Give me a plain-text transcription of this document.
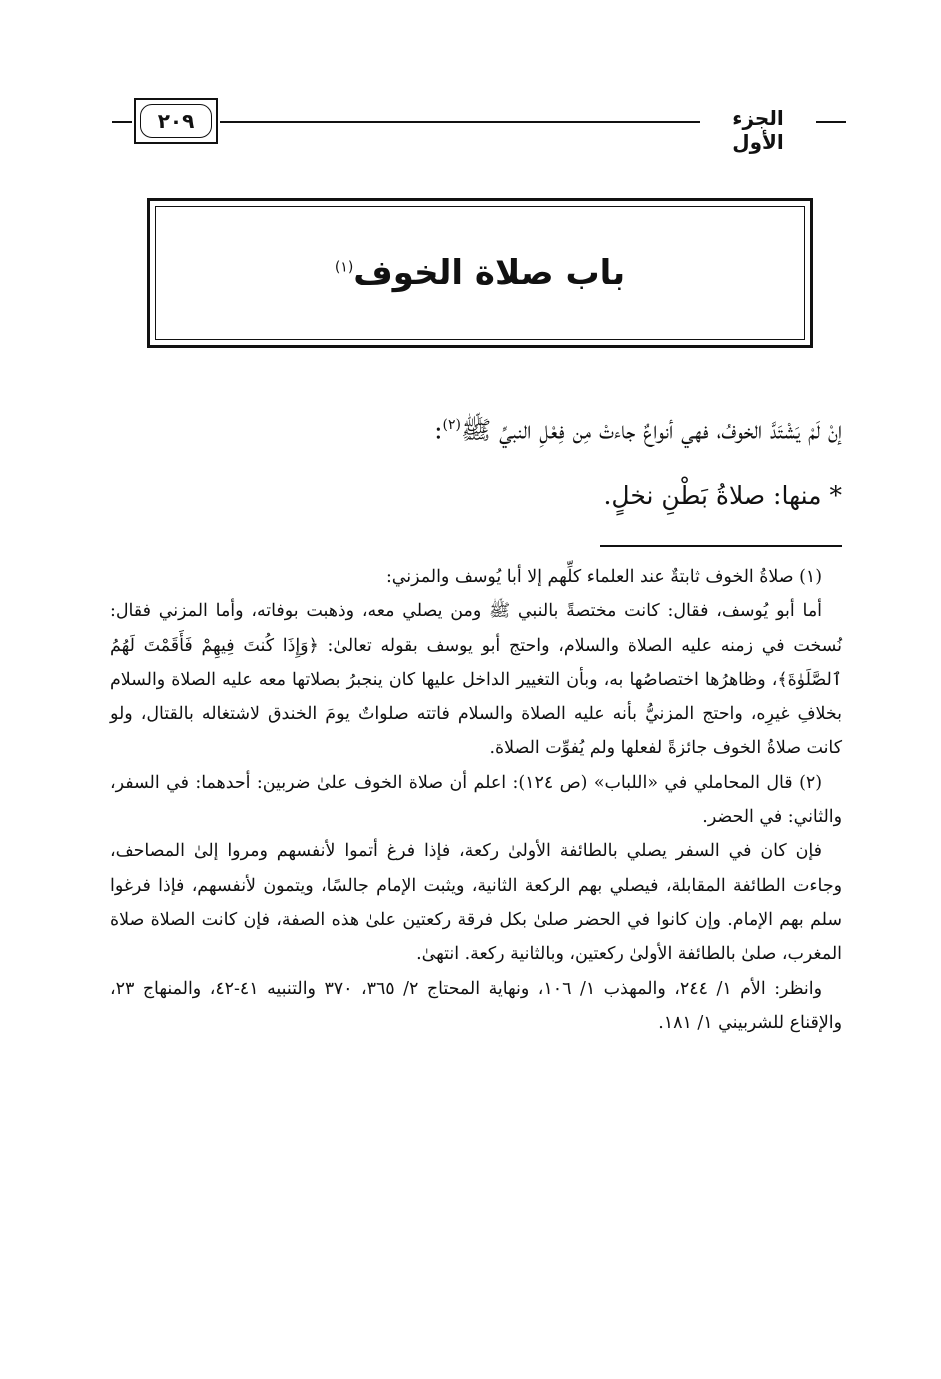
٢٠٩	الجزء الأول
باب صلاة الخوف$^{(١)}$

إنْ لَمْ يَشْتَدَّ الخوفُ، فهي أنواعٌ جاءتْ مِن فِعْلِ النبيِّ ﷺ$^{(٢)}$:

* منها: صلاةُ بَطْنِ نخلٍ.

(١) صلاةُ الخوف ثابتةٌ عند العلماء كلِّهم إلا أبا يُوسف والمزني:

أما أبو يُوسف، فقال: كانت مختصةً بالنبي ﷺ ومن يصلي معه، وذهبت بوفاته، وأما المزني فقال: نُسخت في زمنه عليه الصلاة والسلام، واحتج أبو يوسف بقوله تعالىٰ: ﴿وَإِذَا كُنتَ فِيهِمْ فَأَقَمْتَ لَهُمُ ٱلصَّلَوٰةَ﴾، وظاهرُها اختصاصُها به، وبأن التغيير الداخل عليها كان ينجبرُ بصلاتها معه عليه الصلاة والسلام بخلافِ غيرِه، واحتج المزنيُّ بأنه عليه الصلاة والسلام فاتته صلواتٌ يومَ الخندق لاشتغاله بالقتال، ولو كانت صلاةُ الخوف جائزةً لفعلها ولم يُفوِّت الصلاة.

(٢) قال المحاملي في «اللباب» (ص ١٢٤): اعلم أن صلاة الخوف علىٰ ضربين: أحدهما: في السفر، والثاني: في الحضر.

فإن كان في السفر يصلي بالطائفة الأولىٰ ركعة، فإذا فرغ أتموا لأنفسهم ومروا إلىٰ المصاحف، وجاءت الطائفة المقابلة، فيصلي بهم الركعة الثانية، ويثبت الإمام جالسًا، ويتمون لأنفسهم، فإذا فرغوا سلم بهم الإمام. وإن كانوا في الحضر صلىٰ بكل فرقة ركعتين علىٰ هذه الصفة، فإن كانت الصلاة صلاة المغرب، صلىٰ بالطائفة الأولىٰ ركعتين، وبالثانية ركعة. انتهىٰ.

وانظر: الأم ١/ ٢٤٤، والمهذب ١/ ١٠٦، ونهاية المحتاج ٢/ ٣٦٥، ٣٧٠ والتنبيه ٤١-٤٢، والمنهاج ٢٣، والإقناع للشربيني ١/ ١٨١.
